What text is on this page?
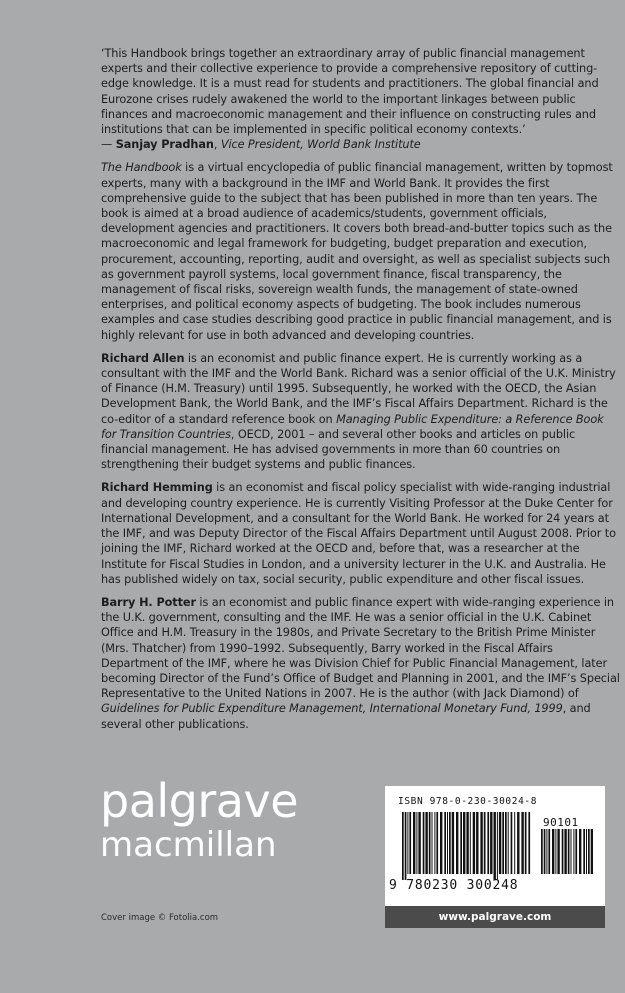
‘This Handbook brings together an extraordinary array of public financial management experts and their collective experience to provide a comprehensive repository of cutting-edge knowledge. It is a must read for students and practitioners. The global financial and Eurozone crises rudely awakened the world to the important linkages between public finances and macroeconomic management and their influence on constructing rules and institutions that can be implemented in specific political economy contexts.’
— Sanjay Pradhan, Vice President, World Bank Institute

The Handbook is a virtual encyclopedia of public financial management, written by topmost experts, many with a background in the IMF and World Bank. It provides the first comprehensive guide to the subject that has been published in more than ten years. The book is aimed at a broad audience of academics/students, government officials, development agencies and practitioners. It covers both bread-and-butter topics such as the macroeconomic and legal framework for budgeting, budget preparation and execution, procurement, accounting, reporting, audit and oversight, as well as specialist subjects such as government payroll systems, local government finance, fiscal transparency, the management of fiscal risks, sovereign wealth funds, the management of state-owned enterprises, and political economy aspects of budgeting. The book includes numerous examples and case studies describing good practice in public financial management, and is highly relevant for use in both advanced and developing countries.

Richard Allen is an economist and public finance expert. He is currently working as a consultant with the IMF and the World Bank. Richard was a senior official of the U.K. Ministry of Finance (H.M. Treasury) until 1995. Subsequently, he worked with the OECD, the Asian Development Bank, the World Bank, and the IMF’s Fiscal Affairs Department. Richard is the co-editor of a standard reference book on Managing Public Expenditure: a Reference Book for Transition Countries, OECD, 2001 – and several other books and articles on public financial management. He has advised governments in more than 60 countries on strengthening their budget systems and public finances.

Richard Hemming is an economist and fiscal policy specialist with wide-ranging industrial and developing country experience. He is currently Visiting Professor at the Duke Center for International Development, and a consultant for the World Bank. He worked for 24 years at the IMF, and was Deputy Director of the Fiscal Affairs Department until August 2008. Prior to joining the IMF, Richard worked at the OECD and, before that, was a researcher at the Institute for Fiscal Studies in London, and a university lecturer in the U.K. and Australia. He has published widely on tax, social security, public expenditure and other fiscal issues.

Barry H. Potter is an economist and public finance expert with wide-ranging experience in the U.K. government, consulting and the IMF. He was a senior official in the U.K. Cabinet Office and H.M. Treasury in the 1980s, and Private Secretary to the British Prime Minister (Mrs. Thatcher) from 1990–1992. Subsequently, Barry worked in the Fiscal Affairs Department of the IMF, where he was Division Chief for Public Financial Management, later becoming Director of the Fund’s Office of Budget and Planning in 2001, and the IMF’s Special Representative to the United Nations in 2007. He is the author (with Jack Diamond) of Guidelines for Public Expenditure Management, International Monetary Fund, 1999, and several other publications.

palgrave
macmillan
Cover image © Fotolia.com
ISBN 978-0-230-30024-8
90101
9 780230 300248
www.palgrave.com
